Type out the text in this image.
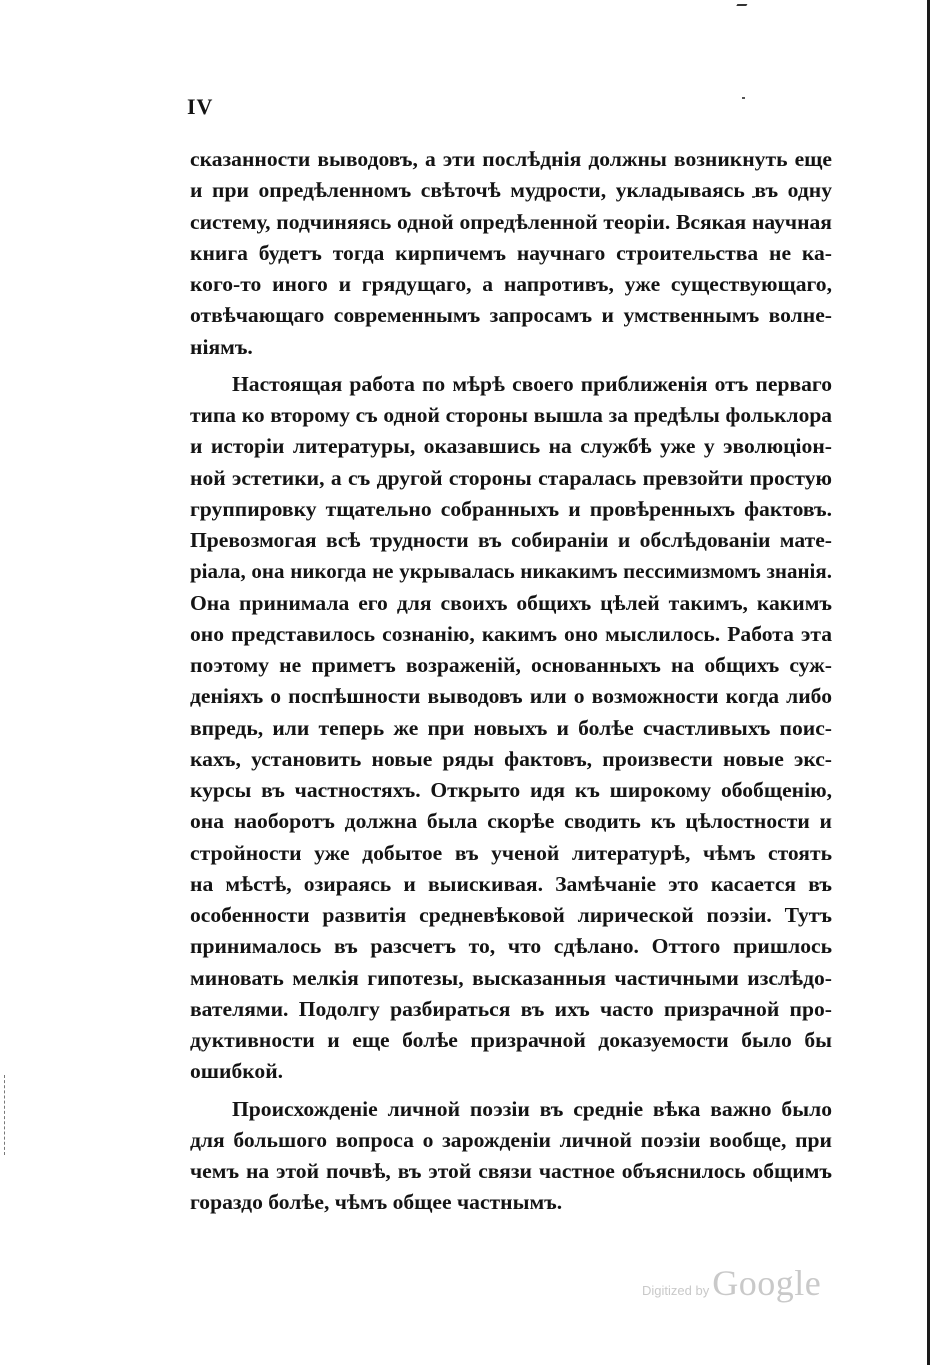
IV
сказанности выводовъ, а эти послѣднія должны возникнуть еще
и при опредѣленномъ свѣточѣ мудрости, укладываясь въ одну
систему, подчиняясь одной опредѣленной теоріи. Всякая научная
книга будетъ тогда кирпичемъ научнаго строительства не ка-
кого-то иного и грядущаго, а напротивъ, уже существующаго,
отвѣчающаго современнымъ запросамъ и умственнымъ волне-
ніямъ.
Настоящая работа по мѣрѣ своего приближенія отъ перваго
типа ко второму съ одной стороны вышла за предѣлы фольклора
и исторіи литературы, оказавшись на службѣ уже у эволюціон-
ной эстетики, а съ другой стороны старалась превзойти простую
группировку тщательно собранныхъ и провѣренныхъ фактовъ.
Превозмогая всѣ трудности въ собираніи и обслѣдованіи мате-
ріала, она никогда не укрывалась никакимъ пессимизмомъ знанія.
Она принимала его для своихъ общихъ цѣлей такимъ, какимъ
оно представилось сознанію, какимъ оно мыслилось. Работа эта
поэтому не приметъ возраженій, основанныхъ на общихъ суж-
деніяхъ о поспѣшности выводовъ или о возможности когда либо
впредь, или теперь же при новыхъ и болѣе счастливыхъ поис-
кахъ, установить новые ряды фактовъ, произвести новые экс-
курсы въ частностяхъ. Открыто идя къ широкому обобщенію,
она наоборотъ должна была скорѣе сводить къ цѣлостности и
стройности уже добытое въ ученой литературѣ, чѣмъ стоять
на мѣстѣ, озираясь и выискивая. Замѣчаніе это касается въ
особенности развитія средневѣковой лирической поэзіи. Тутъ
принималось въ разсчетъ то, что сдѣлано. Оттого пришлось
миновать мелкія гипотезы, высказанныя частичными изслѣдо-
вателями. Подолгу разбираться въ ихъ часто призрачной про-
дуктивности и еще болѣе призрачной доказуемости было бы
ошибкой.
Происхожденіе личной поэзіи въ средніе вѣка важно было
для большого вопроса о зарожденіи личной поэзіи вообще, при
чемъ на этой почвѣ, въ этой связи частное объяснилось общимъ
гораздо болѣе, чѣмъ общее частнымъ.
Digitized byGoogle
